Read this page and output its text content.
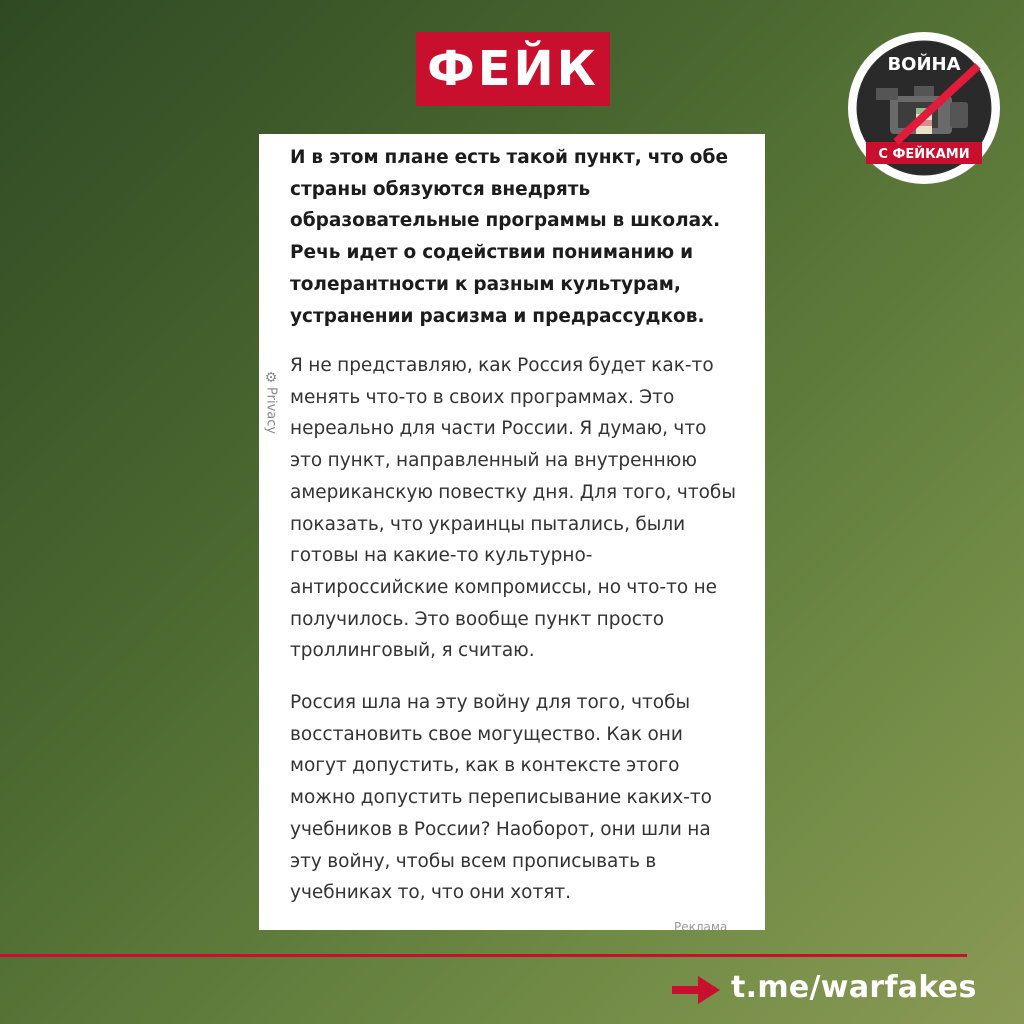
ФЕЙК	ВОЙНА
С ФЕЙКАМИ
⚙
Privacy

И в этом плане есть такой пункт, что обе страны обязуются внедрять образовательные программы в школах. Речь идет о содействии пониманию и толерантности к разным культурам, устранении расизма и предрассудков.

Я не представляю, как Россия будет как-то менять что-то в своих программах. Это нереально для части России. Я думаю, что это пункт, направленный на внутреннюю американскую повестку дня. Для того, чтобы показать, что украинцы пытались, были готовы на какие-то культурно-антироссийские компромиссы, но что-то не получилось. Это вообще пункт просто троллинговый, я считаю.

Россия шла на эту войну для того, чтобы восстановить свое могущество. Как они могут допустить, как в контексте этого можно допустить переписывание каких-то учебников в России? Наоборот, они шли на эту войну, чтобы всем прописывать в учебниках то, что они хотят.

Реклама
t.me/warfakes
